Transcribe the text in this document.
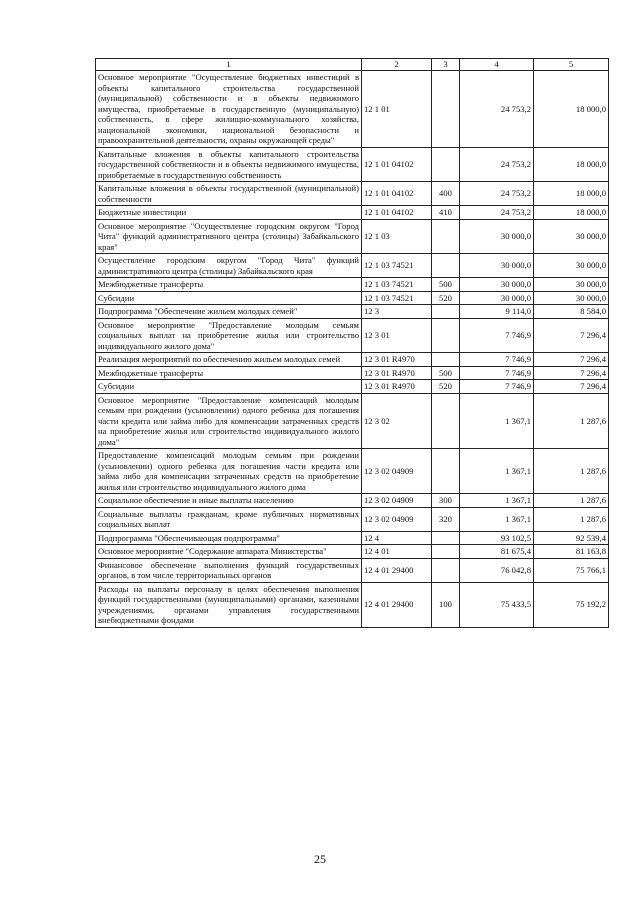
1	2	3	4	5
Основное мероприятие "Осуществление бюджетных инвестиций в объекты капитального строительства государственной (муниципальной) собственности и в объекты недвижимого имущества, приобретаемые в государственную (муниципальную) собственность, в сфере жилищно-коммунального хозяйства, национальной экономики, национальной безопасности и правоохранительной деятельности, охраны окружающей среды"	12 1 01		24 753,2	18 000,0
Капитальные вложения в объекты капитального строительства государственной собственности и в объекты недвижимого имущества, приобретаемые в государственную собственность	12 1 01 04102		24 753,2	18 000,0
Капитальные вложения в объекты государственной (муниципальной) собственности	12 1 01 04102	400	24 753,2	18 000,0
Бюджетные инвестиции	12 1 01 04102	410	24 753,2	18 000,0
Основное мероприятие "Осуществление городским округом "Город Чита" функций административного центра (столицы) Забайкальского края"	12 1 03		30 000,0	30 000,0
Осуществление городским округом "Город Чита" функций административного центра (столицы) Забайкальского края	12 1 03 74521		30 000,0	30 000,0
Межбюджетные трансферты	12 1 03 74521	500	30 000,0	30 000,0
Субсидии	12 1 03 74521	520	30 000,0	30 000,0
Подпрограмма "Обеспечение жильем молодых семей"	12 3		9 114,0	8 584,0
Основное мероприятие "Предоставление молодым семьям социальных выплат на приобретение жилья или строительство индивидуального жилого дома"	12 3 01		7 746,9	7 296,4
Реализация мероприятий по обеспечению жильем молодых семей	12 3 01 R4970		7 746,9	7 296,4
Межбюджетные трансферты	12 3 01 R4970	500	7 746,9	7 296,4
Субсидии	12 3 01 R4970	520	7 746,9	7 296,4
Основное мероприятие "Предоставление компенсаций молодым семьям при рождении (усыновлении) одного ребенка для погашения части кредита или займа либо для компенсации затраченных средств на приобретение жилья или строительство индивидуального жилого дома"	12 3 02		1 367,1	1 287,6
Предоставление компенсаций молодым семьям при рождении (усыновлении) одного ребенка для погашения части кредита или займа либо для компенсации затраченных средств на приобретение жилья или строительство индивидуального жилого дома	12 3 02 04909		1 367,1	1 287,6
Социальное обеспечение и иные выплаты населению	12 3 02 04909	300	1 367,1	1 287,6
Социальные выплаты гражданам, кроме публичных нормативных социальных выплат	12 3 02 04909	320	1 367,1	1 287,6
Подпрограмма "Обеспечивающая подпрограмма"	12 4		93 102,5	92 539,4
Основное мероприятие "Содержание аппарата Министерства"	12 4 01		81 675,4	81 163,8
Финансовое обеспечение выполнения функций государственных органов, в том числе территориальных органов	12 4 01 29400		76 042,8	75 766,1
Расходы на выплаты персоналу в целях обеспечения выполнения функций государственными (муниципальными) органами, казенными учреждениями, органами управления государственными внебюджетными фондами	12 4 01 29400	100	75 433,5	75 192,2
25
